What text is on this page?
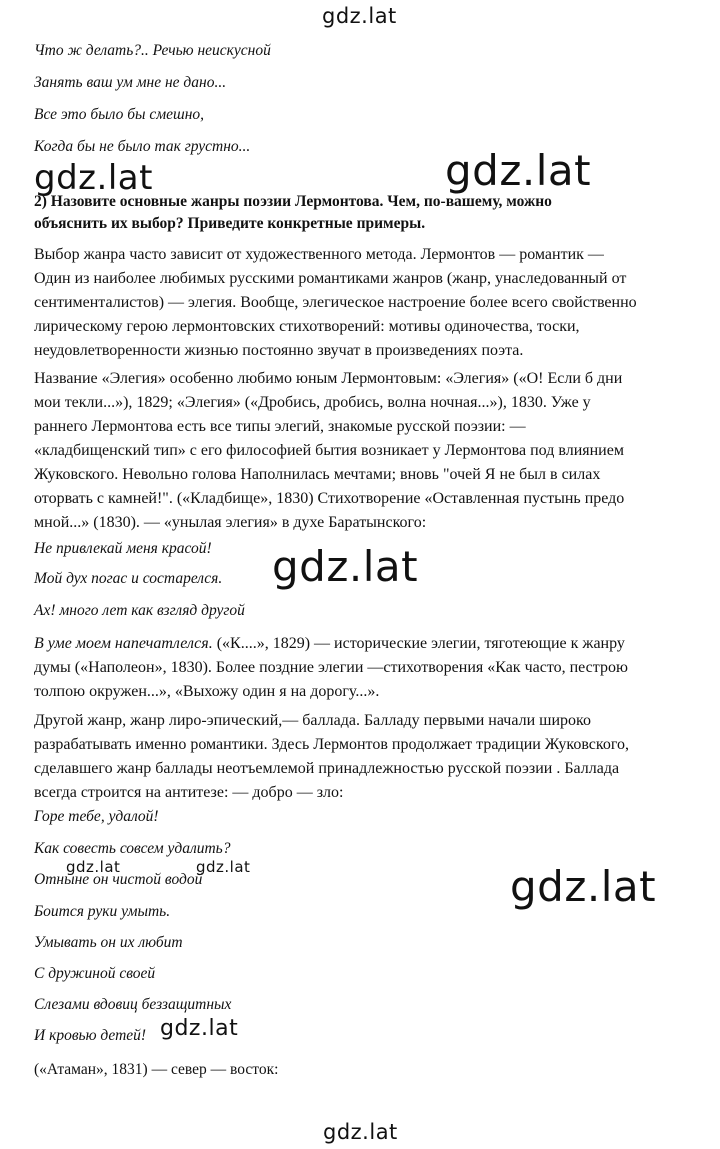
gdz.lat
gdz.lat	gdz.lat
gdz.lat
gdz.lat	gdz.lat	gdz.lat
gdz.lat
gdz.lat
Что ж делать?.. Речью неискусной
Занять ваш ум мне не дано...
Все это было бы смешно,
Когда бы не было так грустно...
2) Назовите основные жанры поэзии Лермонтова. Чем, по-вашему, можно
объяснить их выбор? Приведите конкретные примеры.
Выбор жанра часто зависит от художественного метода. Лермонтов — романтик —
Один из наиболее любимых русскими романтиками жанров (жанр, унаследованный от
сентименталистов) — элегия. Вообще, элегическое настроение более всего свойственно
лирическому герою лермонтовских стихотворений: мотивы одиночества, тоски,
неудовлетворенности жизнью постоянно звучат в произведениях поэта.
Название «Элегия» особенно любимо юным Лермонтовым: «Элегия» («О! Если б дни
мои текли...»), 1829; «Элегия» («Дробись, дробись, волна ночная...»), 1830. Уже у
раннего Лермонтова есть все типы элегий, знакомые русской поэзии: —
«кладбищенский тип» с его философией бытия возникает у Лермонтова под влиянием
Жуковского. Невольно голова Наполнилась мечтами; вновь "очей Я не был в силах
оторвать с камней!". («Кладбище», 1830) Стихотворение «Оставленная пустынь предо
мной...» (1830). — «унылая элегия» в духе Баратынского:
Не привлекай меня красой!
Мой дух погас и состарелся.
Ах! много лет как взгляд другой
В уме моем напечатлелся. («К....», 1829) — исторические элегии, тяготеющие к жанру
думы («Наполеон», 1830). Более поздние элегии —стихотворения «Как часто, пестрою
толпою окружен...», «Выхожу один я на дорогу...».
Другой жанр, жанр лиро-эпический,— баллада. Балладу первыми начали широко
разрабатывать именно романтики. Здесь Лермонтов продолжает традиции Жуковского,
сделавшего жанр баллады неотъемлемой принадлежностью русской поэзии . Баллада
всегда строится на антитезе: — добро — зло:
Горе тебе, удалой!
Как совесть совсем удалить?
Отныне он чистой водой
Боится руки умыть.
Умывать он их любит
С дружиной своей
Слезами вдовиц беззащитных
И кровью детей!
(«Атаман», 1831) — север — восток:
